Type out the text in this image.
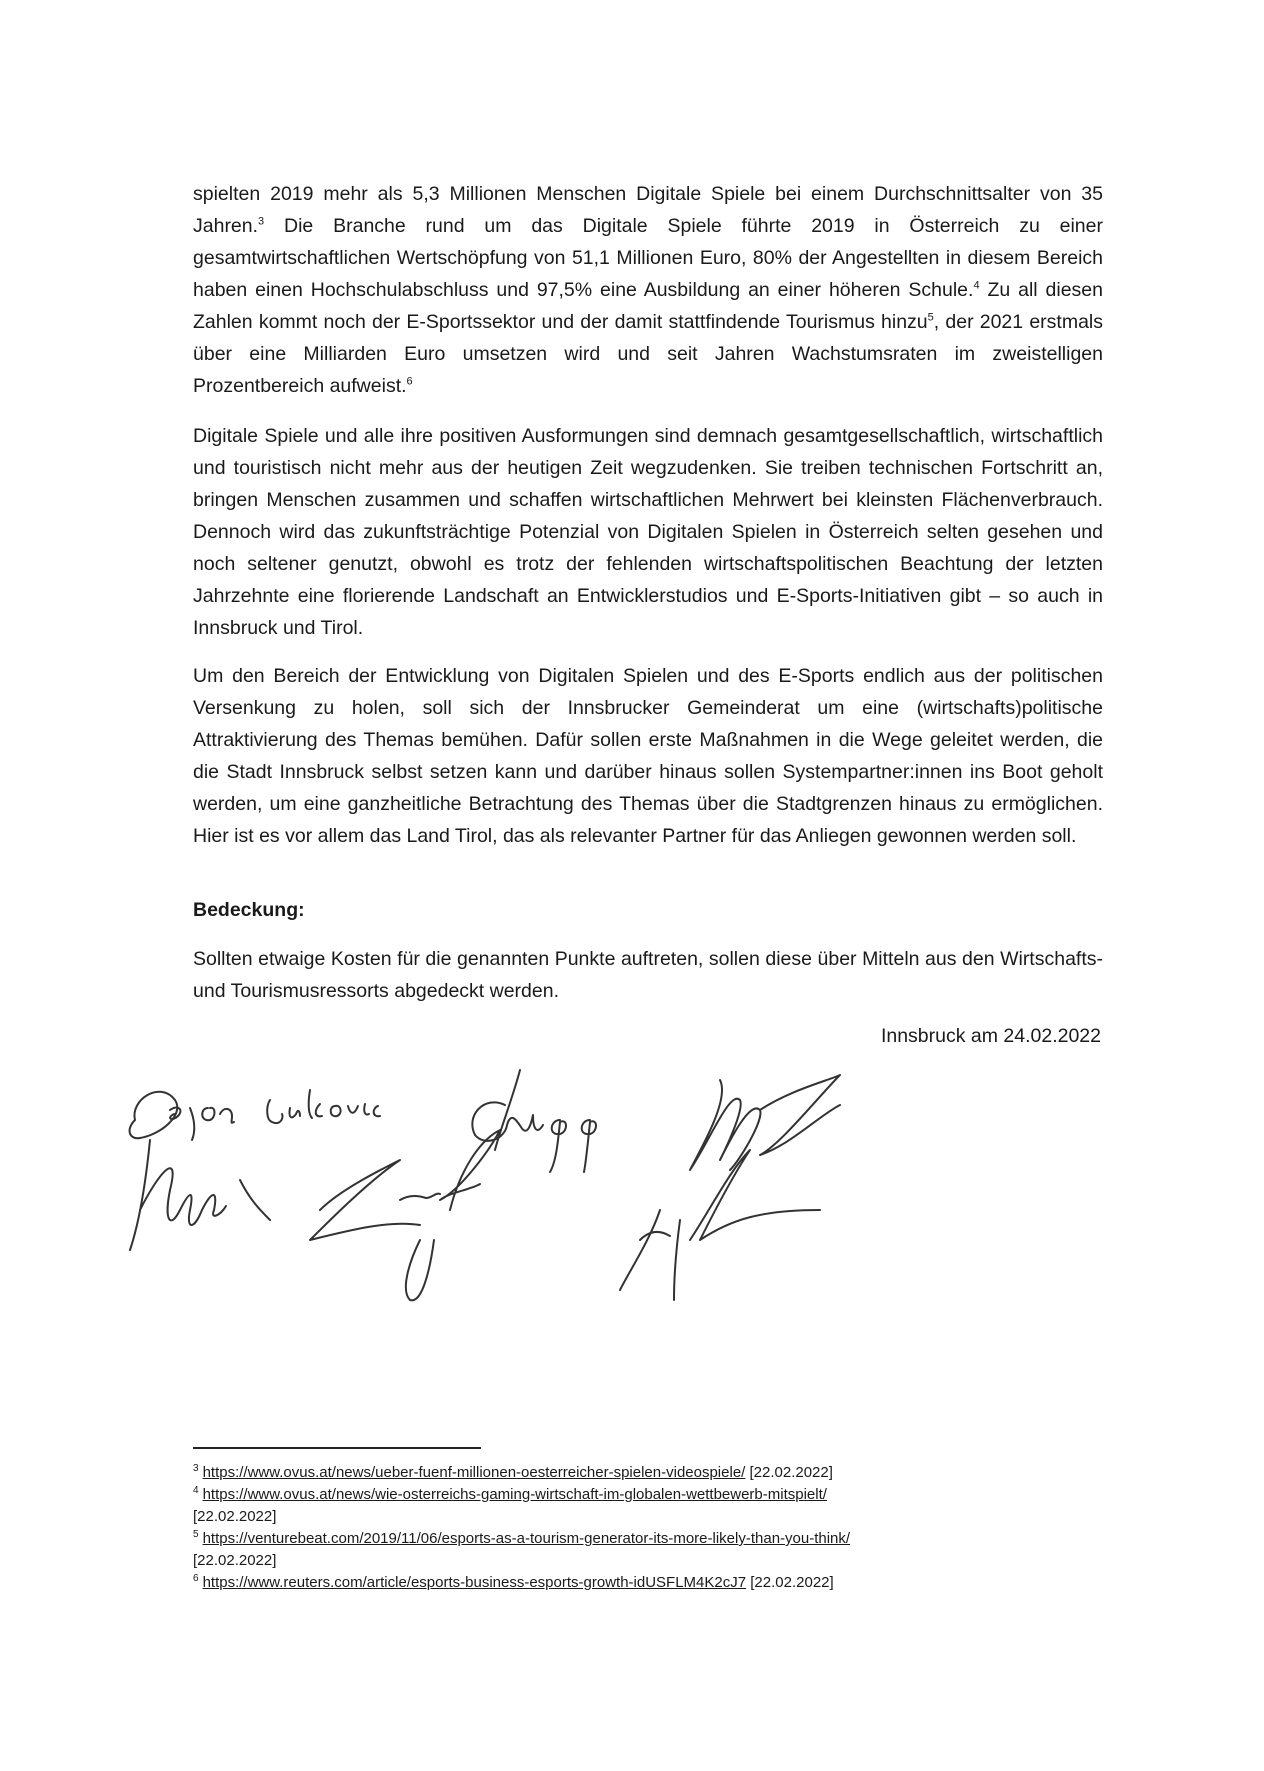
spielten 2019 mehr als 5,3 Millionen Menschen Digitale Spiele bei einem Durchschnittsalter von 35 Jahren.$^3$ Die Branche rund um das Digitale Spiele führte 2019 in Österreich zu einer gesamtwirtschaftlichen Wertschöpfung von 51,1 Millionen Euro, 80% der Angestellten in diesem Bereich haben einen Hochschulabschluss und 97,5% eine Ausbildung an einer höheren Schule.$^4$ Zu all diesen Zahlen kommt noch der E-Sportssektor und der damit stattfindende Tourismus hinzu$^5$, der 2021 erstmals über eine Milliarden Euro umsetzen wird und seit Jahren Wachstumsraten im zweistelligen Prozentbereich aufweist.$^6$

Digitale Spiele und alle ihre positiven Ausformungen sind demnach gesamtgesellschaftlich, wirtschaftlich und touristisch nicht mehr aus der heutigen Zeit wegzudenken. Sie treiben technischen Fortschritt an, bringen Menschen zusammen und schaffen wirtschaftlichen Mehrwert bei kleinsten Flächenverbrauch. Dennoch wird das zukunftsträchtige Potenzial von Digitalen Spielen in Österreich selten gesehen und noch seltener genutzt, obwohl es trotz der fehlenden wirtschaftspolitischen Beachtung der letzten Jahrzehnte eine florierende Landschaft an Entwicklerstudios und E-Sports-Initiativen gibt – so auch in Innsbruck und Tirol.

Um den Bereich der Entwicklung von Digitalen Spielen und des E-Sports endlich aus der politischen Versenkung zu holen, soll sich der Innsbrucker Gemeinderat um eine (wirtschafts)politische Attraktivierung des Themas bemühen. Dafür sollen erste Maßnahmen in die Wege geleitet werden, die die Stadt Innsbruck selbst setzen kann und darüber hinaus sollen Systempartner:innen ins Boot geholt werden, um eine ganzheitliche Betrachtung des Themas über die Stadtgrenzen hinaus zu ermöglichen. Hier ist es vor allem das Land Tirol, das als relevanter Partner für das Anliegen gewonnen werden soll.

Bedeckung:

Sollten etwaige Kosten für die genannten Punkte auftreten, sollen diese über Mitteln aus den Wirtschafts- und Tourismusressorts abgedeckt werden.

Innsbruck am 24.02.2022

$^3$ https://www.ovus.at/news/ueber-fuenf-millionen-oesterreicher-spielen-videospiele/ [22.02.2022]

$^4$ https://www.ovus.at/news/wie-osterreichs-gaming-wirtschaft-im-globalen-wettbewerb-mitspielt/
[22.02.2022]

$^5$ https://venturebeat.com/2019/11/06/esports-as-a-tourism-generator-its-more-likely-than-you-think/
[22.02.2022]

$^6$ https://www.reuters.com/article/esports-business-esports-growth-idUSFLM4K2cJ7 [22.02.2022]
